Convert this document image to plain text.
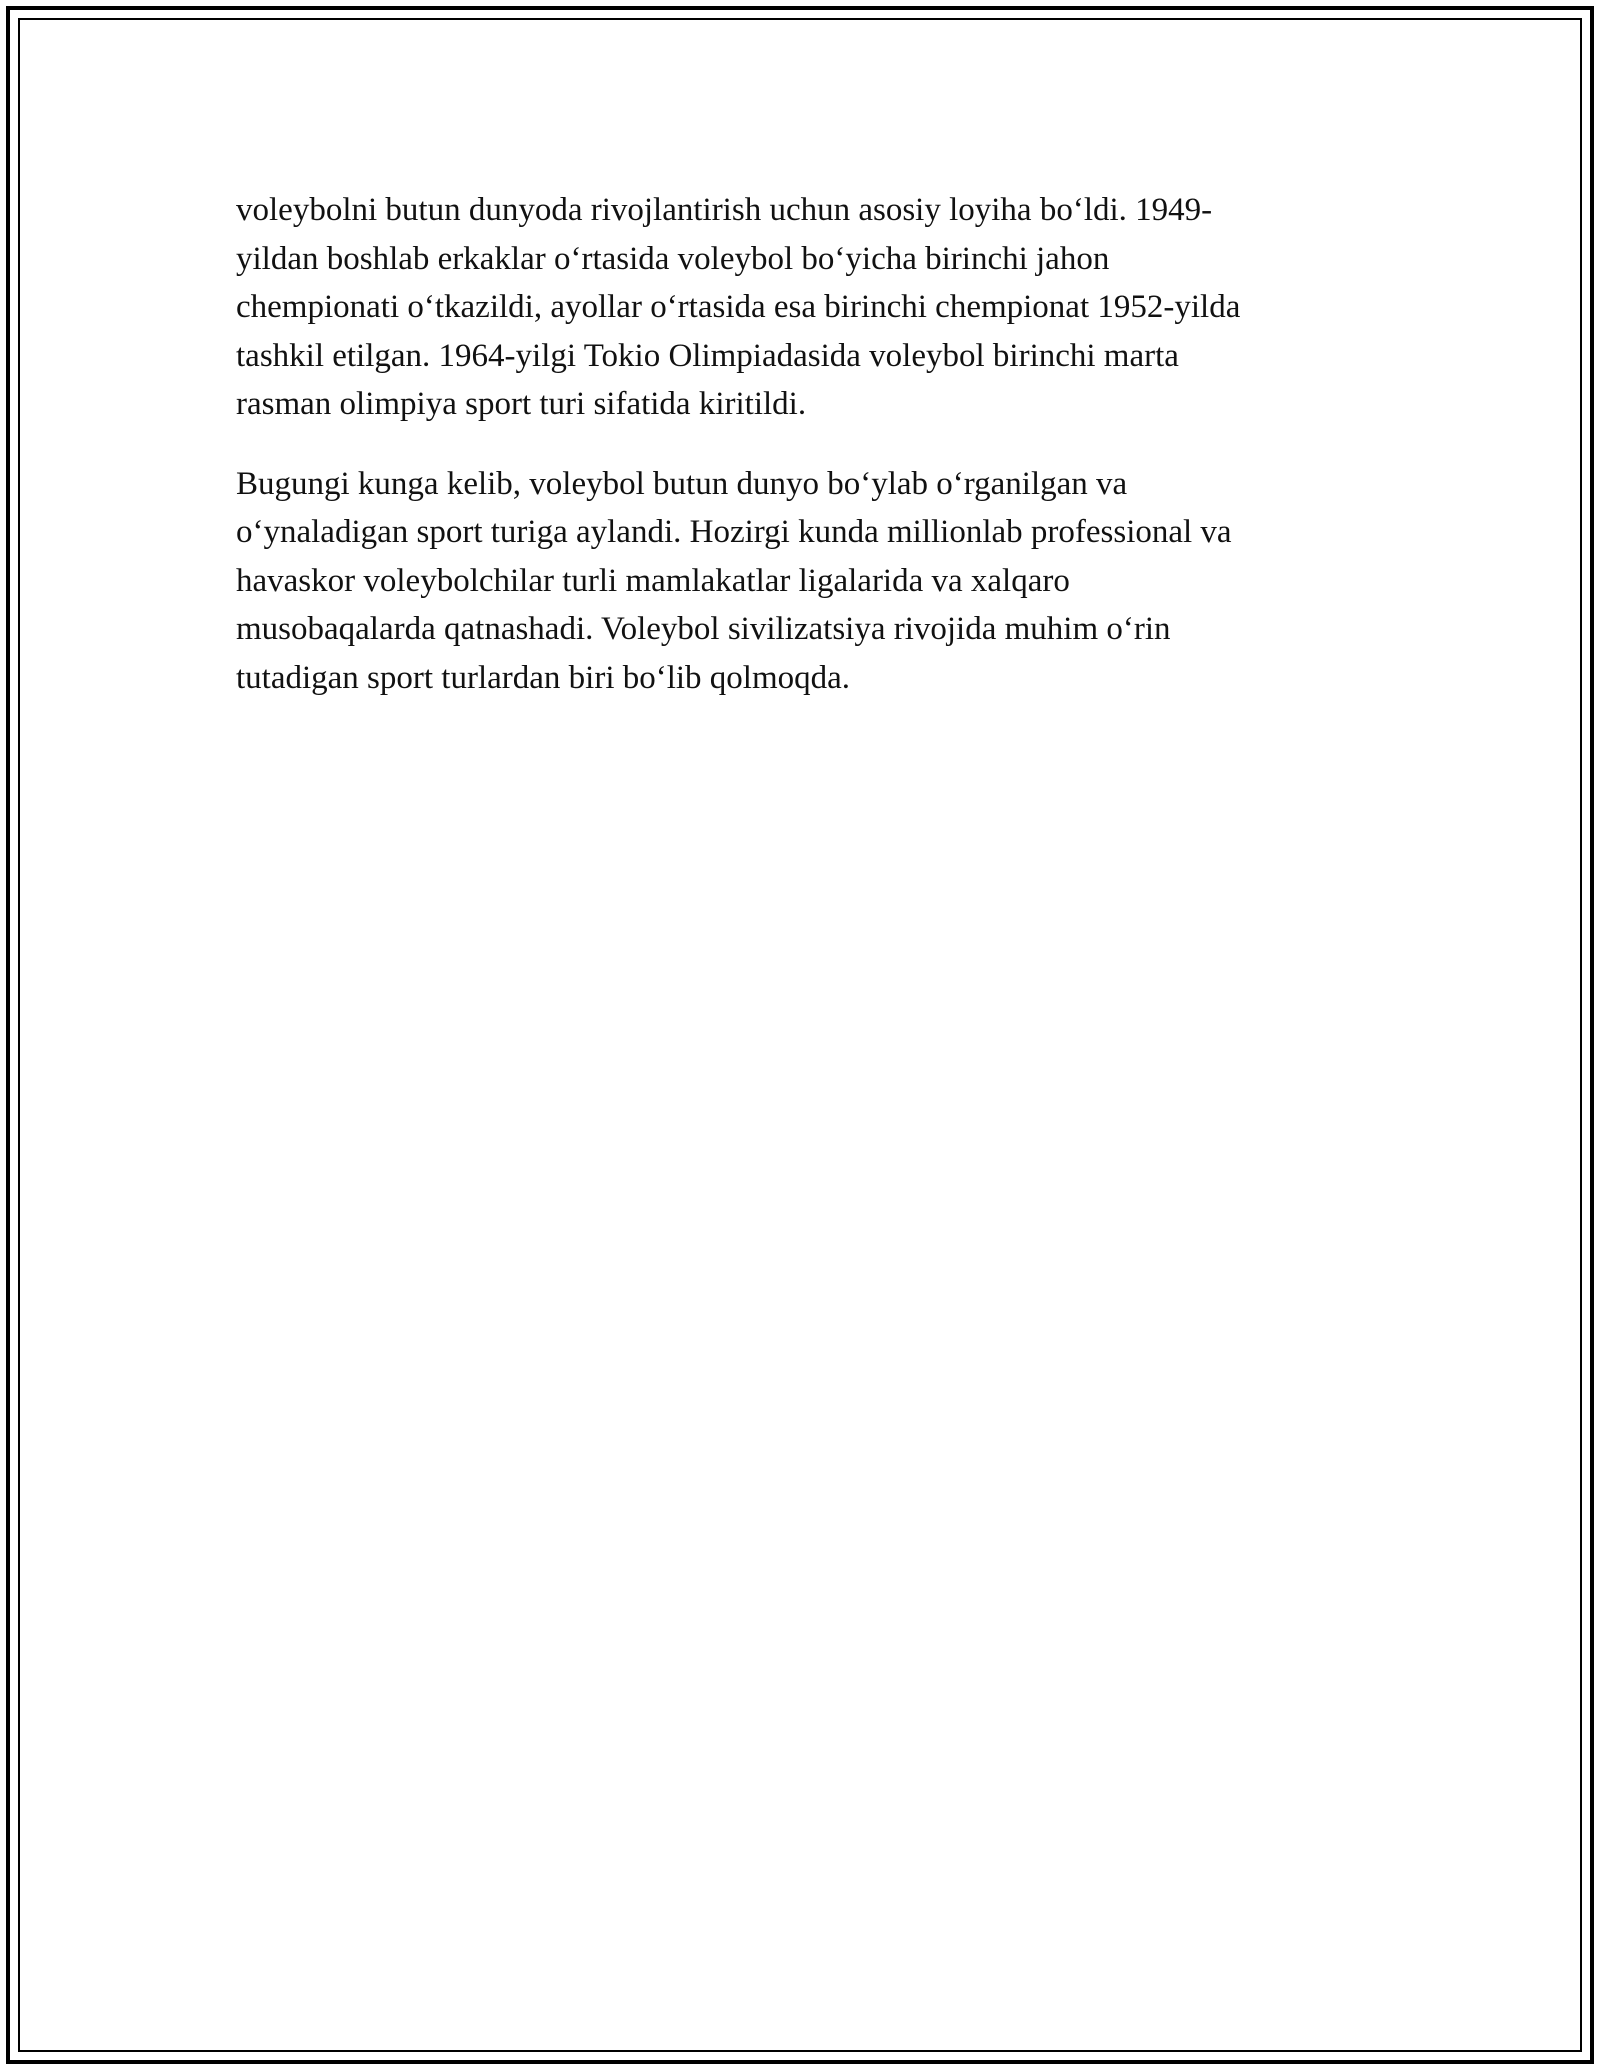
voleybolni butun dunyoda rivojlantirish uchun asosiy loyiha bo‘ldi. 1949-
yildan boshlab erkaklar o‘rtasida voleybol bo‘yicha birinchi jahon
chempionati o‘tkazildi, ayollar o‘rtasida esa birinchi chempionat 1952-yilda
tashkil etilgan. 1964-yilgi Tokio Olimpiadasida voleybol birinchi marta
rasman olimpiya sport turi sifatida kiritildi.

Bugungi kunga kelib, voleybol butun dunyo bo‘ylab o‘rganilgan va
o‘ynaladigan sport turiga aylandi. Hozirgi kunda millionlab professional va
havaskor voleybolchilar turli mamlakatlar ligalarida va xalqaro
musobaqalarda qatnashadi. Voleybol sivilizatsiya rivojida muhim o‘rin
tutadigan sport turlardan biri bo‘lib qolmoqda.
